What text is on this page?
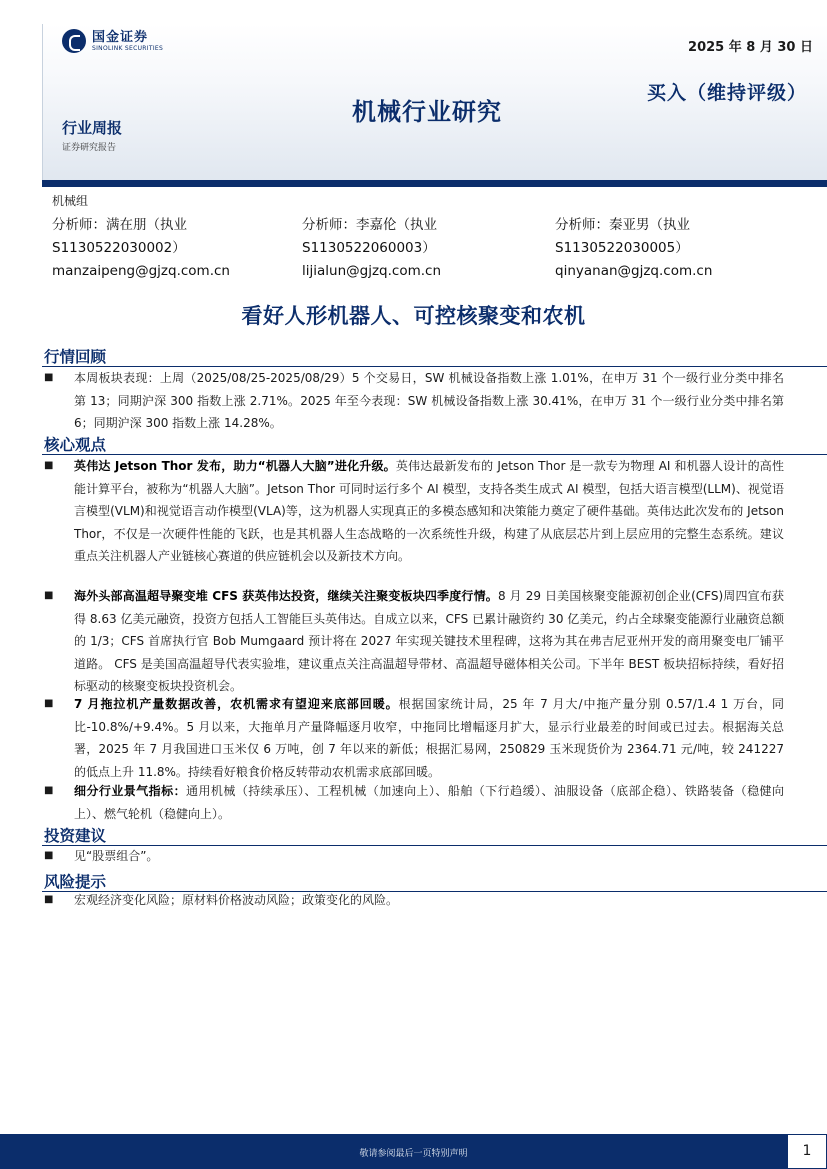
国金证券
SINOLINK SECURITIES	2025 年 8 月 30 日
买入（维持评级）
机械行业研究
行业周报
证券研究报告
机械组
分析师：满在朋（执业
S1130522030002）
manzaipeng@gjzq.com.cn
分析师：李嘉伦（执业
S1130522060003）
lijialun@gjzq.com.cn
分析师：秦亚男（执业
S1130522030005）
qinyanan@gjzq.com.cn
看好人形机器人、可控核聚变和农机
行情回顾
■	本周板块表现：上周（2025/08/25-2025/08/29）5 个交易日，SW 机械设备指数上涨 1.01%，在申万 31 个一级行业分类中排名第 13；同期沪深 300 指数上涨 2.71%。2025 年至今表现：SW 机械设备指数上涨 30.41%，在申万 31 个一级行业分类中排名第 6；同期沪深 300 指数上涨 14.28%。
核心观点
■	英伟达 Jetson Thor 发布，助力“机器人大脑”进化升级。英伟达最新发布的 Jetson Thor 是一款专为物理 AI 和机器人设计的高性能计算平台，被称为“机器人大脑”。Jetson Thor 可同时运行多个 AI 模型，支持各类生成式 AI 模型，包括大语言模型(LLM)、视觉语言模型(VLM)和视觉语言动作模型(VLA)等，这为机器人实现真正的多模态感知和决策能力奠定了硬件基础。英伟达此次发布的 Jetson Thor，不仅是一次硬件性能的飞跃，也是其机器人生态战略的一次系统性升级，构建了从底层芯片到上层应用的完整生态系统。建议重点关注机器人产业链核心赛道的供应链机会以及新技术方向。
■	海外头部高温超导聚变堆 CFS 获英伟达投资，继续关注聚变板块四季度行情。8 月 29 日美国核聚变能源初创企业(CFS)周四宣布获得 8.63 亿美元融资，投资方包括人工智能巨头英伟达。自成立以来，CFS 已累计融资约 30 亿美元，约占全球聚变能源行业融资总额的 1/3；CFS 首席执行官 Bob Mumgaard 预计将在 2027 年实现关键技术里程碑，这将为其在弗吉尼亚州开发的商用聚变电厂铺平道路。 CFS 是美国高温超导代表实验堆，建议重点关注高温超导带材、高温超导磁体相关公司。下半年 BEST 板块招标持续，看好招标驱动的核聚变板块投资机会。
■	7 月拖拉机产量数据改善，农机需求有望迎来底部回暖。根据国家统计局，25 年 7 月大/中拖产量分别 0.57/1.4 1 万台，同比-10.8%/+9.4%。5 月以来，大拖单月产量降幅逐月收窄，中拖同比增幅逐月扩大，显示行业最差的时间或已过去。根据海关总署，2025 年 7 月我国进口玉米仅 6 万吨，创 7 年以来的新低；根据汇易网，250829 玉米现货价为 2364.71 元/吨，较 241227 的低点上升 11.8%。持续看好粮食价格反转带动农机需求底部回暖。
■	细分行业景气指标：通用机械（持续承压）、工程机械（加速向上）、船舶（下行趋缓）、油服设备（底部企稳）、铁路装备（稳健向上）、燃气轮机（稳健向上）。
投资建议
■	见“股票组合”。
风险提示
■	宏观经济变化风险；原材料价格波动风险；政策变化的风险。
敬请参阅最后一页特别声明	1
